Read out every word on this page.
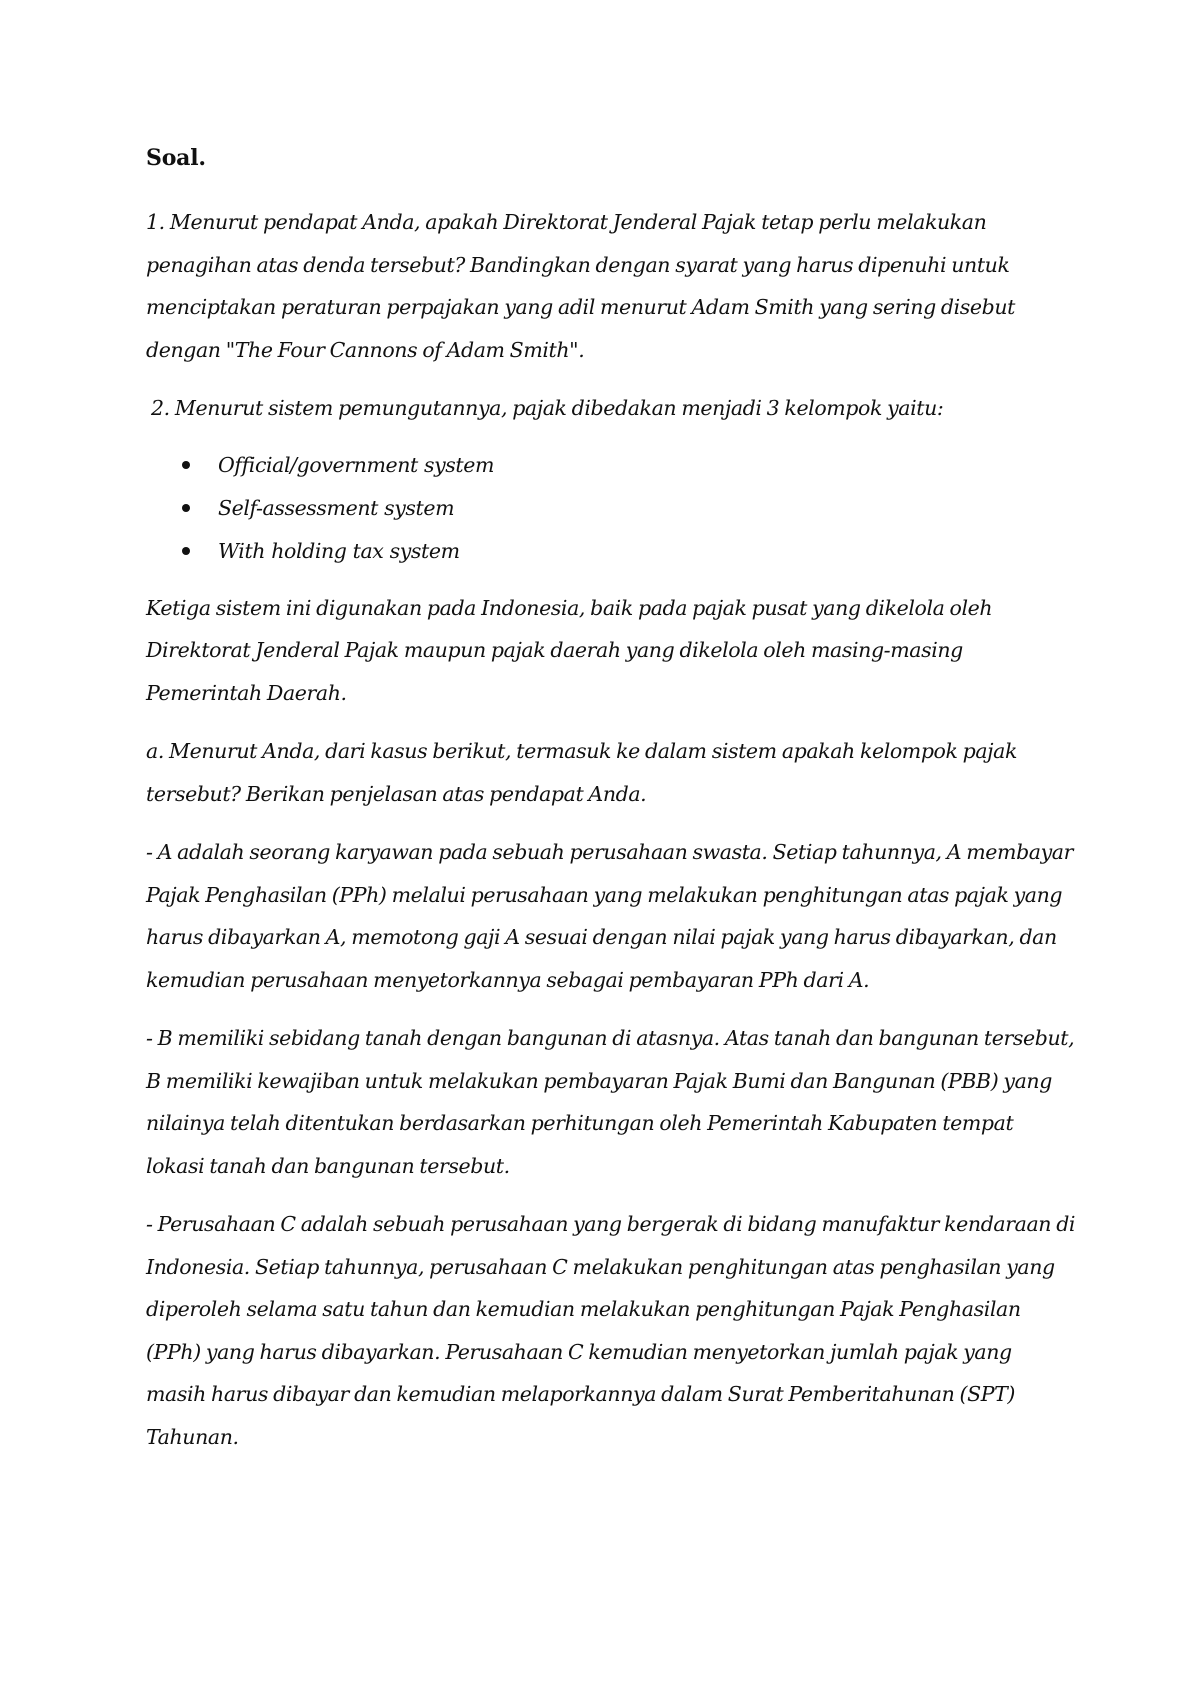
Soal.

1. Menurut pendapat Anda, apakah Direktorat Jenderal Pajak tetap perlu melakukan penagihan atas denda tersebut? Bandingkan dengan syarat yang harus dipenuhi untuk menciptakan peraturan perpajakan yang adil menurut Adam Smith yang sering disebut dengan "The Four Cannons of Adam Smith".

2. Menurut sistem pemungutannya, pajak dibedakan menjadi 3 kelompok yaitu:

Official/government system
Self-assessment system
With holding tax system

Ketiga sistem ini digunakan pada Indonesia, baik pada pajak pusat yang dikelola oleh Direktorat Jenderal Pajak maupun pajak daerah yang dikelola oleh masing-masing Pemerintah Daerah.

a. Menurut Anda, dari kasus berikut, termasuk ke dalam sistem apakah kelompok pajak tersebut? Berikan penjelasan atas pendapat Anda.

- A adalah seorang karyawan pada sebuah perusahaan swasta. Setiap tahunnya, A membayar Pajak Penghasilan (PPh) melalui perusahaan yang melakukan penghitungan atas pajak yang harus dibayarkan A, memotong gaji A sesuai dengan nilai pajak yang harus dibayarkan, dan kemudian perusahaan menyetorkannya sebagai pembayaran PPh dari A.

- B memiliki sebidang tanah dengan bangunan di atasnya. Atas tanah dan bangunan tersebut, B memiliki kewajiban untuk melakukan pembayaran Pajak Bumi dan Bangunan (PBB) yang nilainya telah ditentukan berdasarkan perhitungan oleh Pemerintah Kabupaten tempat lokasi tanah dan bangunan tersebut.

- Perusahaan C adalah sebuah perusahaan yang bergerak di bidang manufaktur kendaraan di Indonesia. Setiap tahunnya, perusahaan C melakukan penghitungan atas penghasilan yang diperoleh selama satu tahun dan kemudian melakukan penghitungan Pajak Penghasilan (PPh) yang harus dibayarkan. Perusahaan C kemudian menyetorkan jumlah pajak yang masih harus dibayar dan kemudian melaporkannya dalam Surat Pemberitahunan (SPT) Tahunan.
